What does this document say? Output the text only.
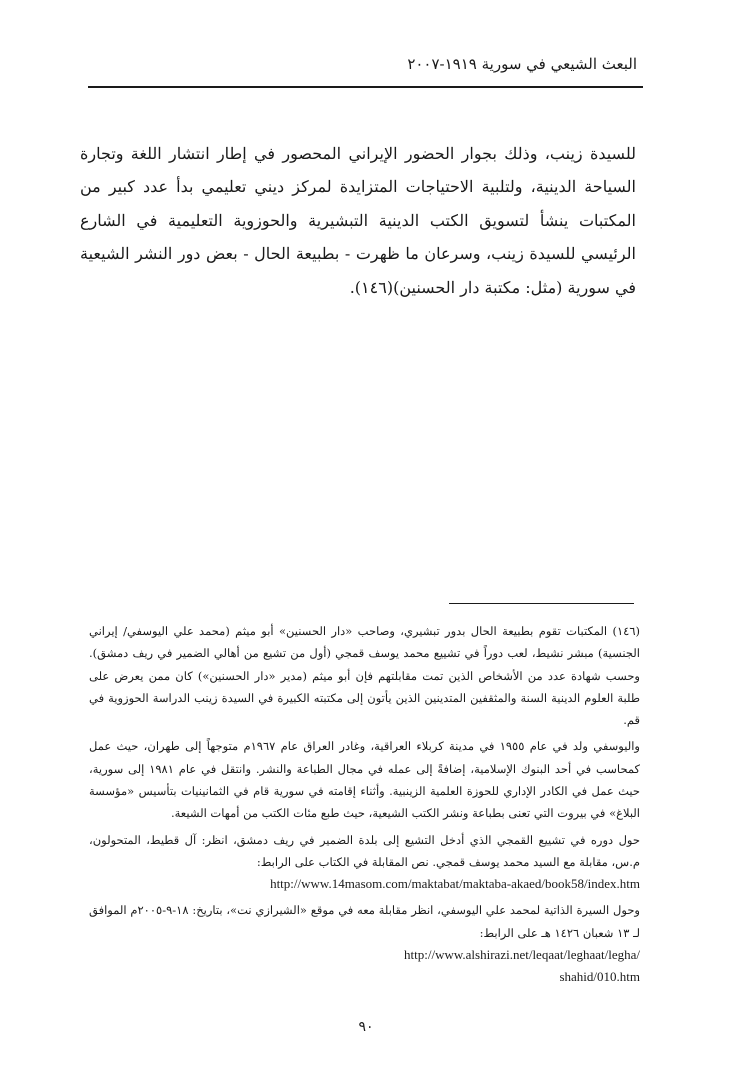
البعث الشيعي في سورية ١٩١٩-٢٠٠٧

للسيدة زينب، وذلك بجوار الحضور الإيراني المحصور في إطار انتشار اللغة وتجارة السياحة الدينية، ولتلبية الاحتياجات المتزايدة لمركز ديني تعليمي بدأ عدد كبير من المكتبات ينشأ لتسويق الكتب الدينية التبشيرية والحوزوية التعليمية في الشارع الرئيسي للسيدة زينب، وسرعان ما ظهرت - بطبيعة الحال - بعض دور النشر الشيعية في سورية (مثل: مكتبة دار الحسنين)(١٤٦).

(١٤٦) المكتبات تقوم بطبيعة الحال بدور تبشيري، وصاحب «دار الحسنين» أبو ميثم (محمد علي اليوسفي/ إيراني الجنسية) مبشر نشيط، لعب دوراً في تشييع محمد يوسف قمجي (أول من تشيع من أهالي الضمير في ريف دمشق). وحسب شهادة عدد من الأشخاص الذين تمت مقابلتهم فإن أبو ميثم (مدير «دار الحسنين») كان ممن يعرض على طلبة العلوم الدينية السنة والمثقفين المتدينين الذين يأتون إلى مكتبته الكبيرة في السيدة زينب الدراسة الحوزوية في قم.

واليوسفي ولد في عام ١٩٥٥ في مدينة كربلاء العراقية، وغادر العراق عام ١٩٦٧م متوجهاً إلى طهران، حيث عمل كمحاسب في أحد البنوك الإسلامية، إضافةً إلى عمله في مجال الطباعة والنشر. وانتقل في عام ١٩٨١ إلى سورية، حيث عمل في الكادر الإداري للحوزة العلمية الزينبية. وأثناء إقامته في سورية قام في الثمانينيات بتأسيس «مؤسسة البلاغ» في بيروت التي تعنى بطباعة ونشر الكتب الشيعية، حيث طبع مئات الكتب من أمهات الشيعة.

حول دوره في تشييع القمجي الذي أدخل التشيع إلى بلدة الضمير في ريف دمشق، انظر: آل قطيط، المتحولون، م.س، مقابلة مع السيد محمد يوسف قمجي. نص المقابلة في الكتاب على الرابط:
http://www.14masom.com/maktabat/maktaba-akaed/book58/index.htm

وحول السيرة الذاتية لمحمد علي اليوسفي، انظر مقابلة معه في موقع «الشيرازي نت»، بتاريخ: ١٨-٩-٢٠٠٥م الموافق لـ ١٣ شعبان ١٤٢٦ هـ على الرابط:
http://www.alshirazi.net/leqaat/leghaat/legha/
shahid/010.htm

٩٠
